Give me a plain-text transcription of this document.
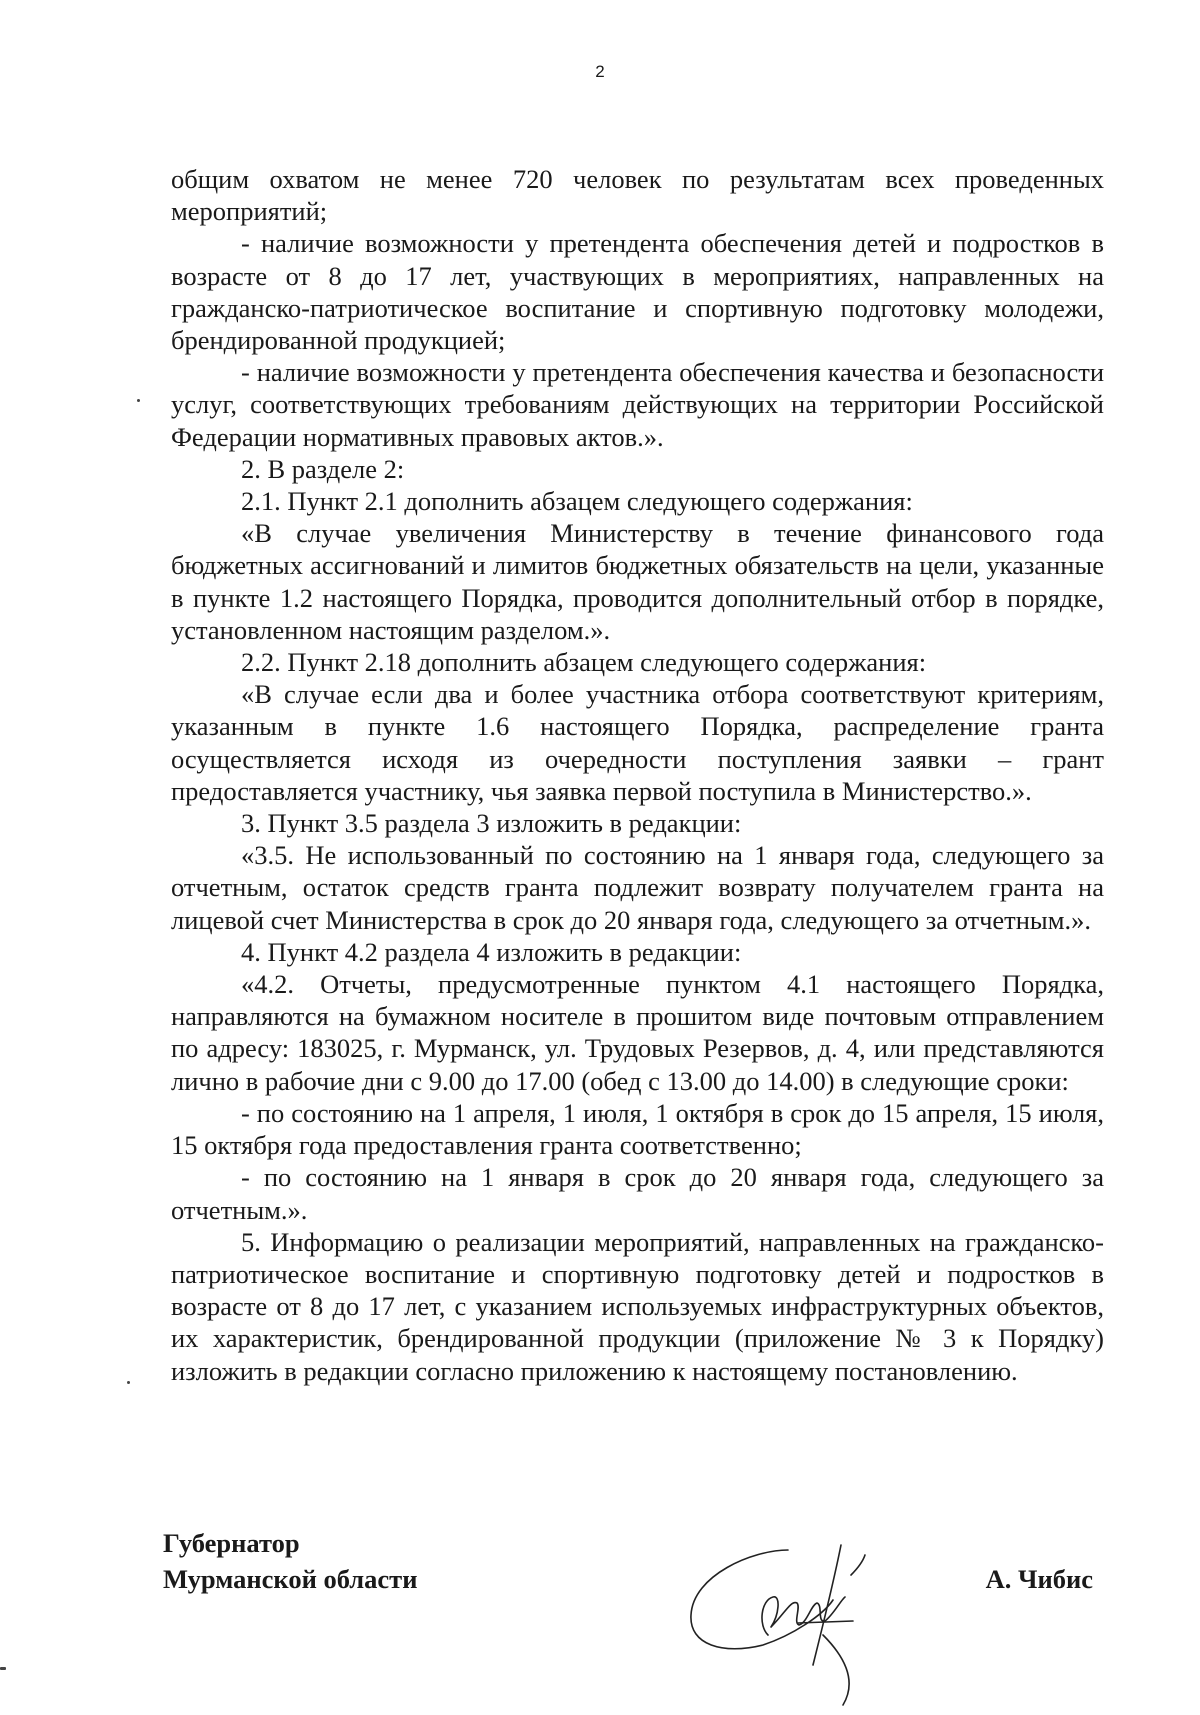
2

общим охватом не менее 720 человек по результатам всех проведенных мероприятий;

- наличие возможности у претендента обеспечения детей и подростков в возрасте от 8 до 17 лет, участвующих в мероприятиях, направленных на гражданско-патриотическое воспитание и спортивную подготовку молодежи, брендированной продукцией;

- наличие возможности у претендента обеспечения качества и безопасности услуг, соответствующих требованиям действующих на территории Российской Федерации нормативных правовых актов.».

2. В разделе 2:

2.1. Пункт 2.1 дополнить абзацем следующего содержания:

«В случае увеличения Министерству в течение финансового года бюджетных ассигнований и лимитов бюджетных обязательств на цели, указанные в пункте 1.2 настоящего Порядка, проводится дополнительный отбор в порядке, установленном настоящим разделом.».

2.2. Пункт 2.18 дополнить абзацем следующего содержания:

«В случае если два и более участника отбора соответствуют критериям, указанным в пункте 1.6 настоящего Порядка, распределение гранта осуществляется исходя из очередности поступления заявки – грант предоставляется участнику, чья заявка первой поступила в Министерство.».

3. Пункт 3.5 раздела 3 изложить в редакции:

«3.5. Не использованный по состоянию на 1 января года, следующего за отчетным, остаток средств гранта подлежит возврату получателем гранта на лицевой счет Министерства в срок до 20 января года, следующего за отчетным.».

4. Пункт 4.2 раздела 4 изложить в редакции:

«4.2. Отчеты, предусмотренные пунктом 4.1 настоящего Порядка, направляются на бумажном носителе в прошитом виде почтовым отправлением по адресу: 183025, г. Мурманск, ул. Трудовых Резервов, д. 4, или представляются лично в рабочие дни с 9.00 до 17.00 (обед с 13.00 до 14.00) в следующие сроки:

- по состоянию на 1 апреля, 1 июля, 1 октября в срок до 15 апреля, 15 июля, 15 октября года предоставления гранта соответственно;

- по состоянию на 1 января в срок до 20 января года, следующего за отчетным.».

5. Информацию о реализации мероприятий, направленных на гражданско-патриотическое воспитание и спортивную подготовку детей и подростков в возрасте от 8 до 17 лет, с указанием используемых инфраструктурных объектов, их характеристик, брендированной продукции (приложение № 3 к Порядку) изложить в редакции согласно приложению к настоящему постановлению.

Губернатор
Мурманской области	А. Чибис
